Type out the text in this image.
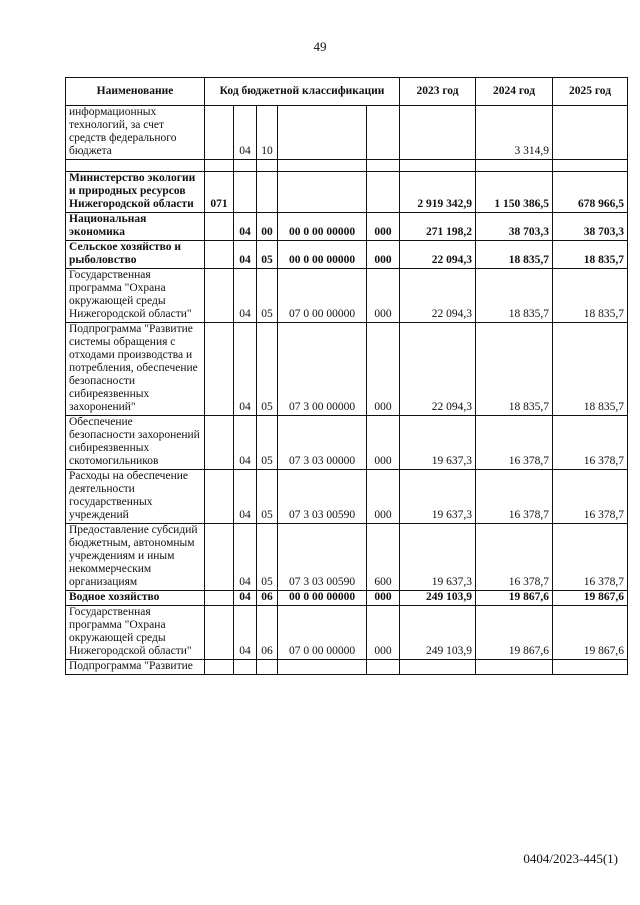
49
Наименование	Код бюджетной классификации					2023 год	2024 год	2025 год
информационных технологий, за счет средств федерального бюджета		04	10				3 314,9	

Министерство экологии и природных ресурсов Нижегородской области	071					2 919 342,9	1 150 386,5	678 966,5
Национальная экономика		04	00	00 0 00 00000	000	271 198,2	38 703,3	38 703,3
Сельское хозяйство и рыболовство		04	05	00 0 00 00000	000	22 094,3	18 835,7	18 835,7
Государственная программа "Охрана окружающей среды Нижегородской области"		04	05	07 0 00 00000	000	22 094,3	18 835,7	18 835,7
Подпрограмма "Развитие системы обращения с отходами производства и потребления, обеспечение безопасности сибиреязвенных захоронений"		04	05	07 3 00 00000	000	22 094,3	18 835,7	18 835,7
Обеспечение безопасности захоронений сибиреязвенных скотомогильников		04	05	07 3 03 00000	000	19 637,3	16 378,7	16 378,7
Расходы на обеспечение деятельности государственных учреждений		04	05	07 3 03 00590	000	19 637,3	16 378,7	16 378,7
Предоставление субсидий бюджетным, автономным учреждениям и иным некоммерческим организациям		04	05	07 3 03 00590	600	19 637,3	16 378,7	16 378,7
Водное хозяйство		04	06	00 0 00 00000	000	249 103,9	19 867,6	19 867,6
Государственная программа "Охрана окружающей среды Нижегородской области"		04	06	07 0 00 00000	000	249 103,9	19 867,6	19 867,6
Подпрограмма "Развитие								
0404/2023-445(1)
